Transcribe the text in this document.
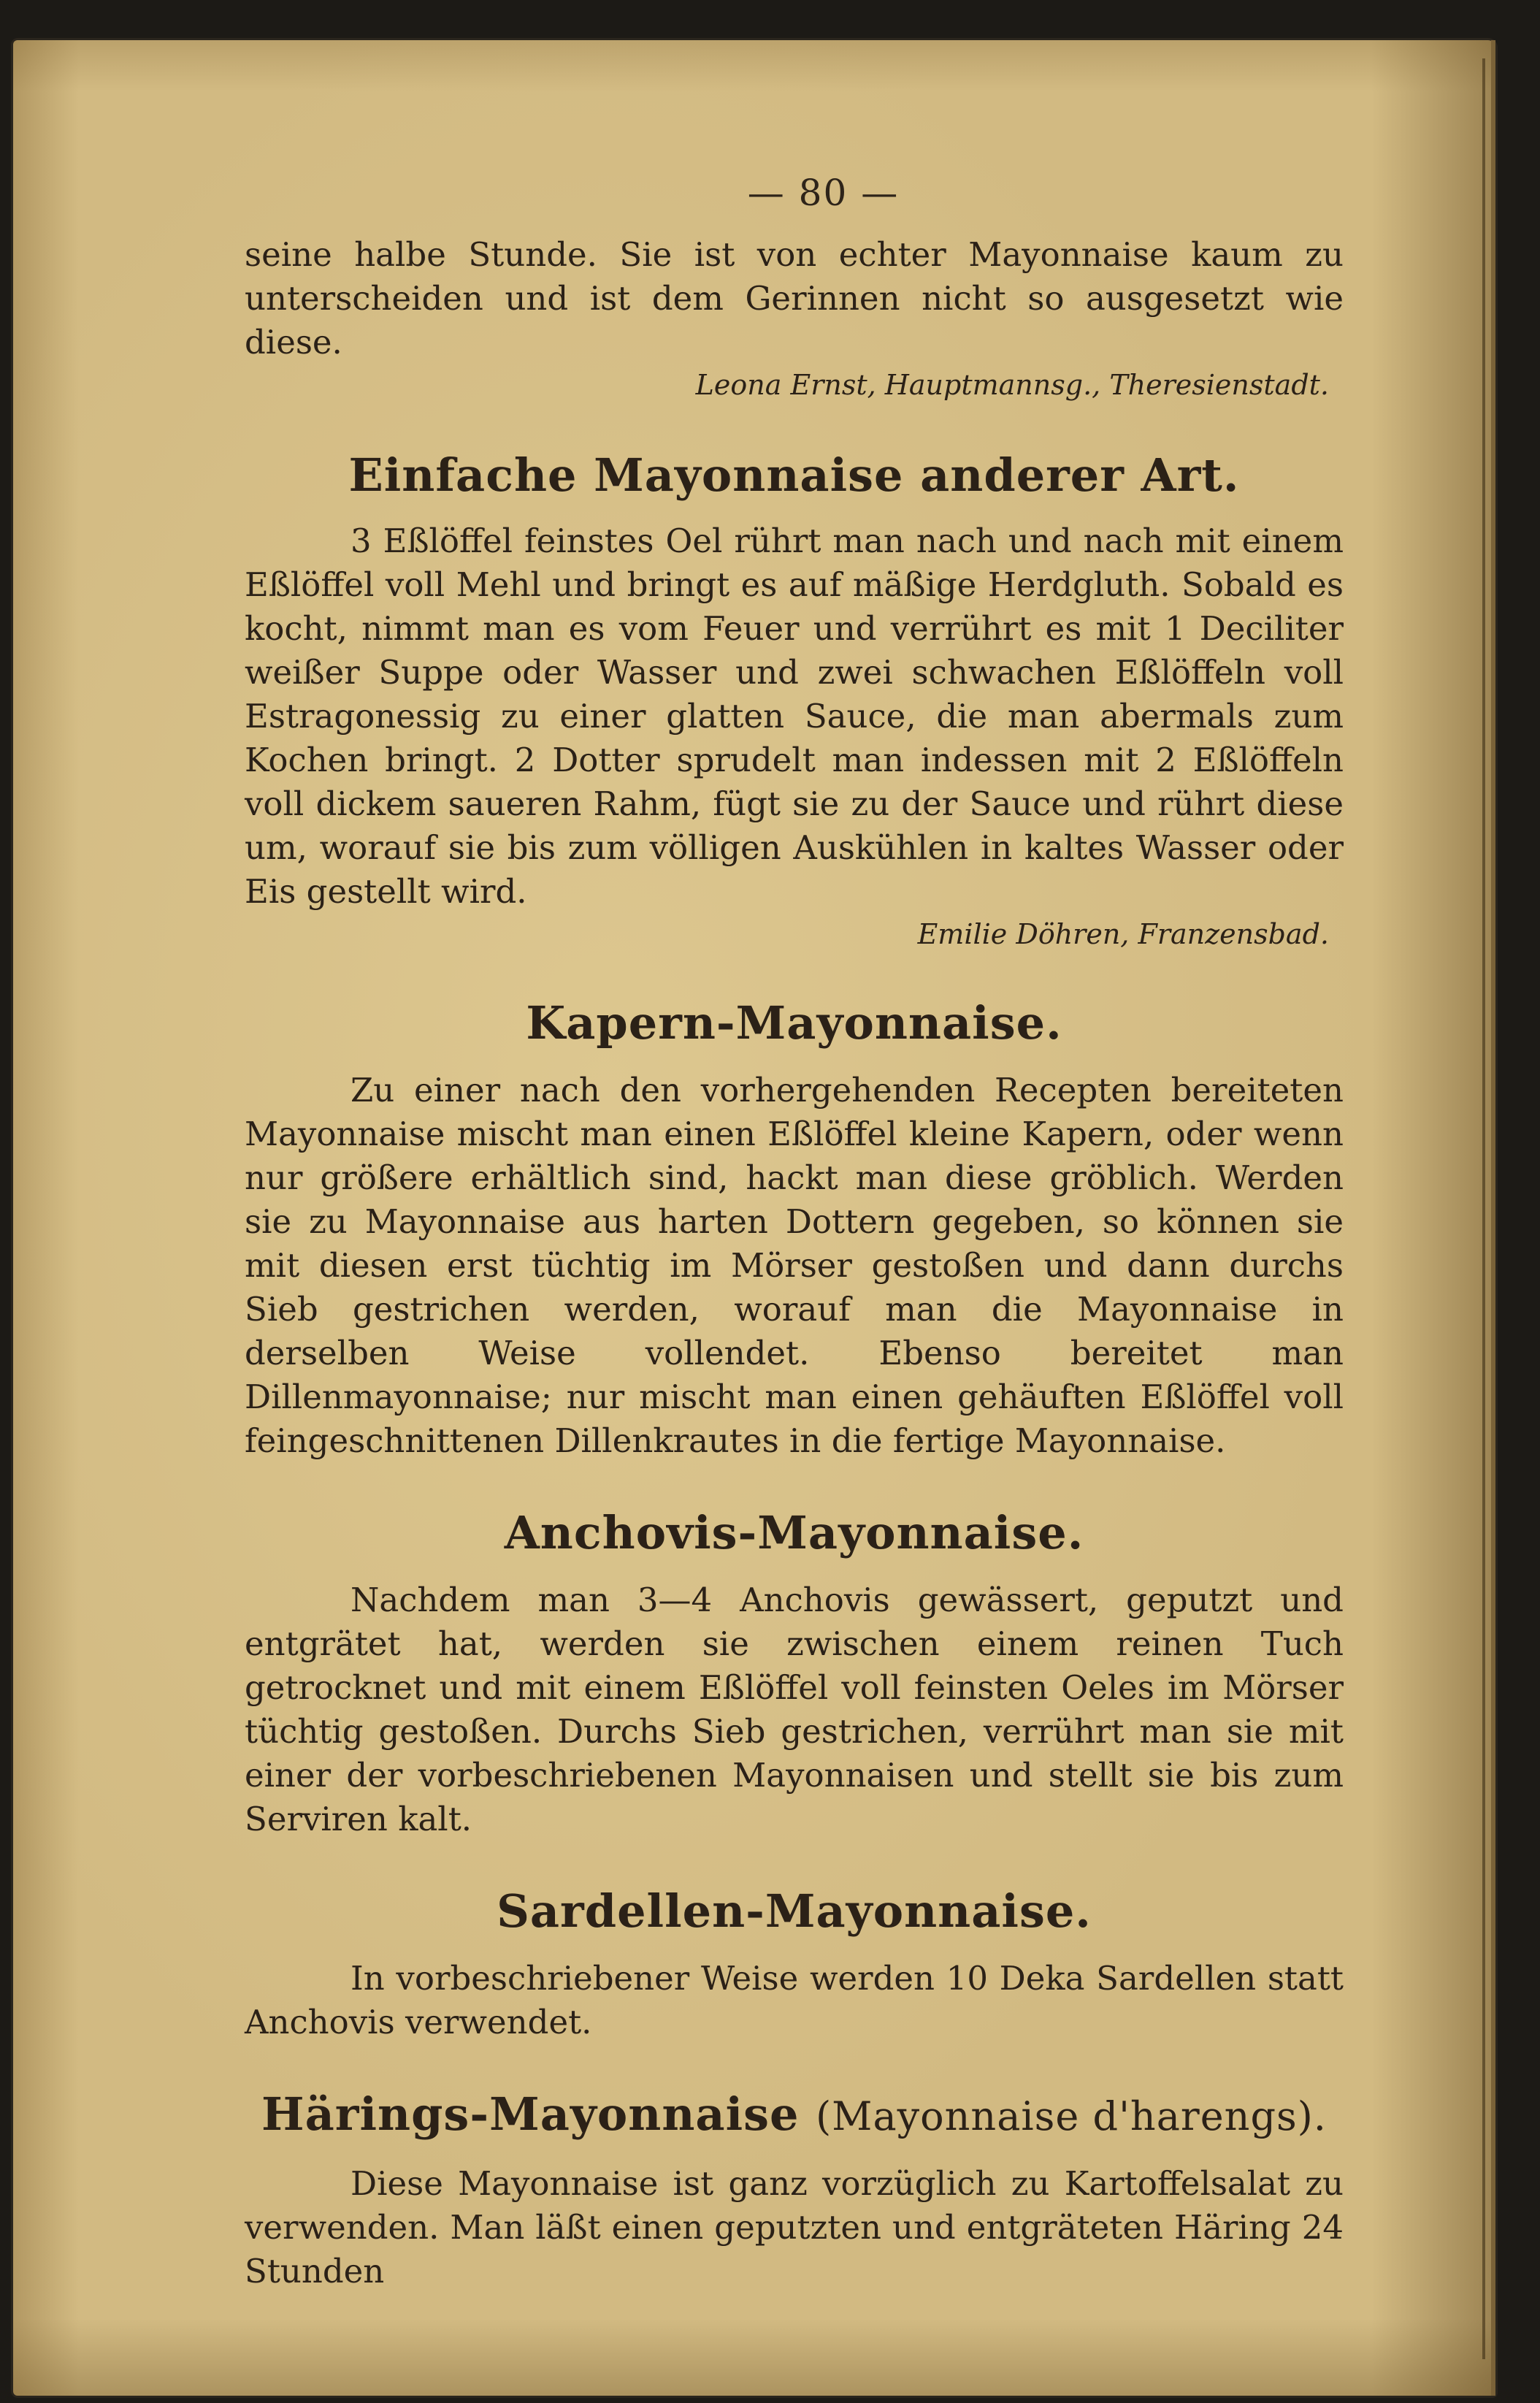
— 80 —

seine halbe Stunde. Sie ist von echter Mayonnaise kaum zu unterscheiden und ist dem Gerinnen nicht so ausgesetzt wie diese.

Leona Ernst, Hauptmannsg., Theresienstadt.
Einfache Mayonnaise anderer Art.

3 Eßlöffel feinstes Oel rührt man nach und nach mit einem Eßlöffel voll Mehl und bringt es auf mäßige Herdgluth. Sobald es kocht, nimmt man es vom Feuer und verrührt es mit 1 Deciliter weißer Suppe oder Wasser und zwei schwachen Eßlöffeln voll Estragonessig zu einer glatten Sauce, die man abermals zum Kochen bringt. 2 Dotter sprudelt man indessen mit 2 Eßlöffeln voll dickem saueren Rahm, fügt sie zu der Sauce und rührt diese um, worauf sie bis zum völligen Auskühlen in kaltes Wasser oder Eis gestellt wird.

Emilie Döhren, Franzensbad.
Kapern-Mayonnaise.

Zu einer nach den vorhergehenden Recepten bereiteten Mayonnaise mischt man einen Eßlöffel kleine Kapern, oder wenn nur größere erhältlich sind, hackt man diese gröblich. Werden sie zu Mayonnaise aus harten Dottern gegeben, so können sie mit diesen erst tüchtig im Mörser gestoßen und dann durchs Sieb gestrichen werden, worauf man die Mayonnaise in derselben Weise vollendet. Ebenso bereitet man Dillenmayonnaise; nur mischt man einen gehäuften Eßlöffel voll feingeschnittenen Dillenkrautes in die fertige Mayonnaise.

Anchovis-Mayonnaise.

Nachdem man 3—4 Anchovis gewässert, geputzt und entgrätet hat, werden sie zwischen einem reinen Tuch getrocknet und mit einem Eßlöffel voll feinsten Oeles im Mörser tüchtig gestoßen. Durchs Sieb gestrichen, verrührt man sie mit einer der vorbeschriebenen Mayonnaisen und stellt sie bis zum Serviren kalt.

Sardellen-Mayonnaise.

In vorbeschriebener Weise werden 10 Deka Sardellen statt Anchovis verwendet.

Härings-Mayonnaise (Mayonnaise d'harengs).

Diese Mayonnaise ist ganz vorzüglich zu Kartoffelsalat zu verwenden. Man läßt einen geputzten und entgräteten Häring 24 Stunden
